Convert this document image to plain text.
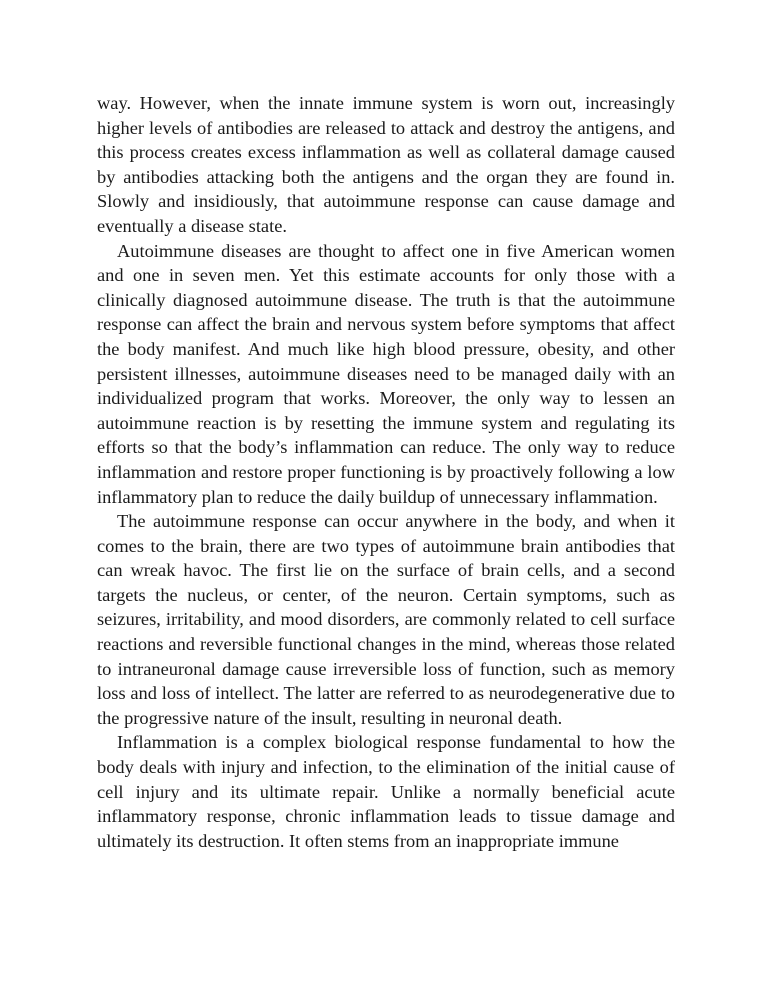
way. However, when the innate immune system is worn out, increasingly higher levels of antibodies are released to attack and destroy the antigens, and this process creates excess inflammation as well as collateral damage caused by antibodies attacking both the antigens and the organ they are found in. Slowly and insidiously, that autoimmune response can cause damage and eventually a disease state.

Autoimmune diseases are thought to affect one in five American women and one in seven men. Yet this estimate accounts for only those with a clinically diagnosed autoimmune disease. The truth is that the autoimmune response can affect the brain and nervous system before symptoms that affect the body manifest. And much like high blood pressure, obesity, and other persistent illnesses, autoimmune diseases need to be managed daily with an individualized program that works. Moreover, the only way to lessen an autoimmune reaction is by resetting the immune system and regulating its efforts so that the body’s inflammation can reduce. The only way to reduce inflammation and restore proper functioning is by proactively following a low inflammatory plan to reduce the daily buildup of unnecessary inflammation.

The autoimmune response can occur anywhere in the body, and when it comes to the brain, there are two types of autoimmune brain antibodies that can wreak havoc. The first lie on the surface of brain cells, and a second targets the nucleus, or center, of the neuron. Certain symptoms, such as seizures, irritability, and mood disorders, are commonly related to cell surface reactions and reversible functional changes in the mind, whereas those related to intraneuronal damage cause irreversible loss of function, such as memory loss and loss of intellect. The latter are referred to as neurodegenerative due to the progressive nature of the insult, resulting in neuronal death.

Inflammation is a complex biological response fundamental to how the body deals with injury and infection, to the elimination of the initial cause of cell injury and its ultimate repair. Unlike a normally beneficial acute inflammatory response, chronic inflammation leads to tissue damage and ultimately its destruction. It often stems from an inappropriate immune
